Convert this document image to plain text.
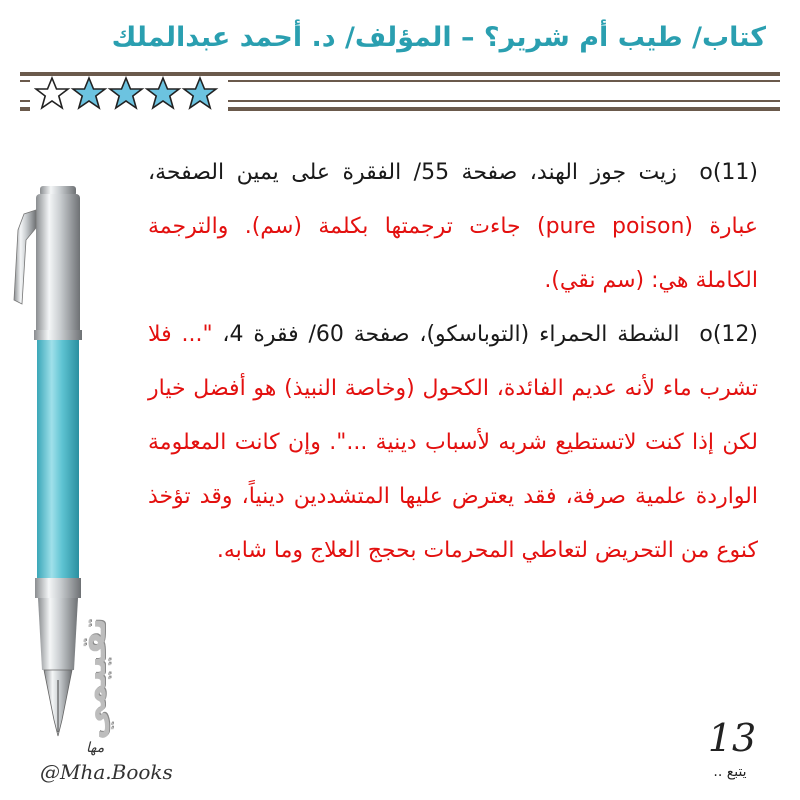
كتاب/ طيب أم شرير؟ – المؤلف/ د. أحمد عبدالملك
تقييمي
o(11) زيت جوز الهند، صفحة 55/ الفقرة على يمين الصفحة، عبارة (pure poison) جاءت ترجمتها بكلمة (سم). والترجمة الكاملة هي: (سم نقي).
o(12) الشطة الحمراء (التوباسكو)، صفحة 60/ فقرة 4، "... فلا تشرب ماء لأنه عديم الفائدة، الكحول (وخاصة النبيذ) هو أفضل خيار لكن إذا كنت لاتستطيع شربه لأسباب دينية ...". وإن كانت المعلومة الواردة علمية صرفة، فقد يعترض عليها المتشددين دينياً، وقد تؤخذ كنوع من التحريض لتعاطي المحرمات بحجج العلاج وما شابه.
13
يتبع ..
مها
@Mha.Books
